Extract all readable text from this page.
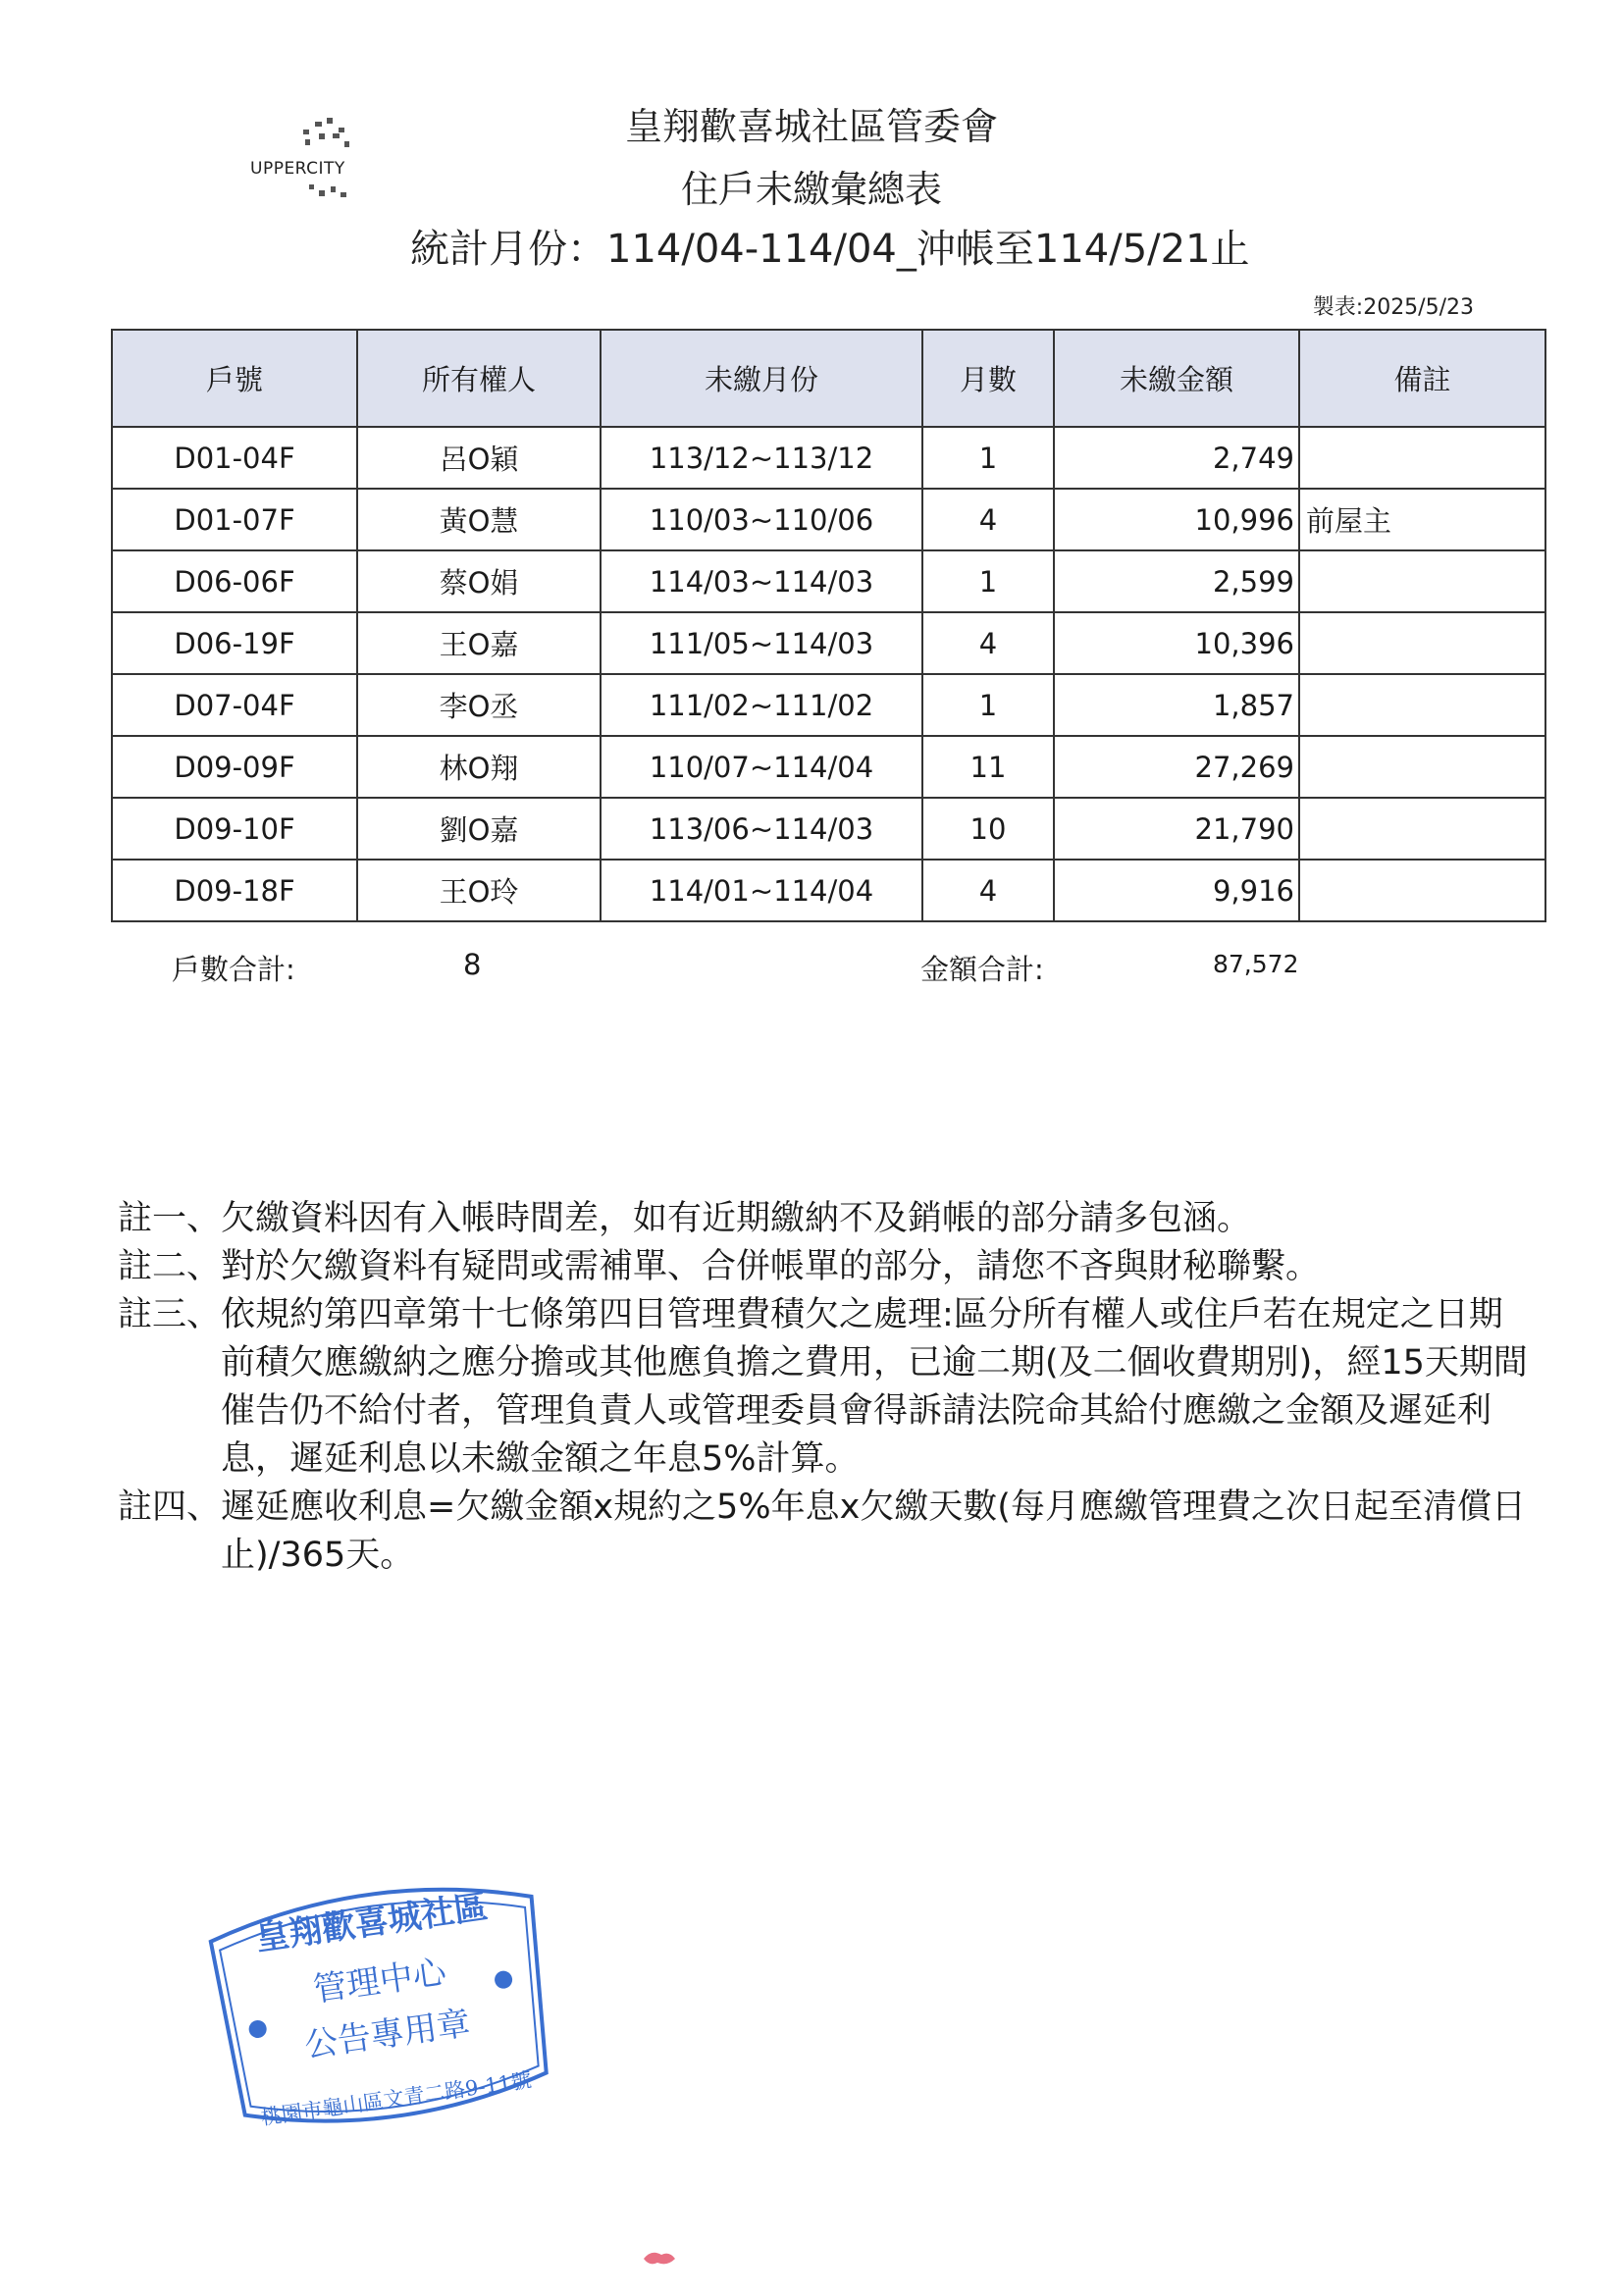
UPPERCITY
皇翔歡喜城社區管委會
住戶未繳彙總表
統計月份：114/04-114/04_沖帳至114/5/21止
製表:2025/5/23
戶號	所有權人	未繳月份	月數	未繳金額	備註
D01-04F	呂O穎	113/12~113/12	1	2,749	
D01-07F	黃O慧	110/03~110/06	4	10,996	前屋主
D06-06F	蔡O娟	114/03~114/03	1	2,599	
D06-19F	王O嘉	111/05~114/03	4	10,396	
D07-04F	李O丞	111/02~111/02	1	1,857	
D09-09F	林O翔	110/07~114/04	11	27,269	
D09-10F	劉O嘉	113/06~114/03	10	21,790	
D09-18F	王O玲	114/01~114/04	4	9,916	
戶數合計:	8	金額合計:	87,572
註一、 欠繳資料因有入帳時間差，如有近期繳納不及銷帳的部分請多包涵。
註二、 對於欠繳資料有疑問或需補單、合併帳單的部分，請您不吝與財秘聯繫。
註三、 依規約第四章第十七條第四目管理費積欠之處理:區分所有權人或住戶若在規定之日期前積欠應繳納之應分擔或其他應負擔之費用，已逾二期(及二個收費期別)，經15天期間催告仍不給付者，管理負責人或管理委員會得訴請法院命其給付應繳之金額及遲延利息，遲延利息以未繳金額之年息5%計算。
註四、 遲延應收利息=欠繳金額x規約之5%年息x欠繳天數(每月應繳管理費之次日起至清償日止)/365天。
皇翔歡喜城社區
管理中心
公告專用章
桃園市龜山區文青二路9-11號
